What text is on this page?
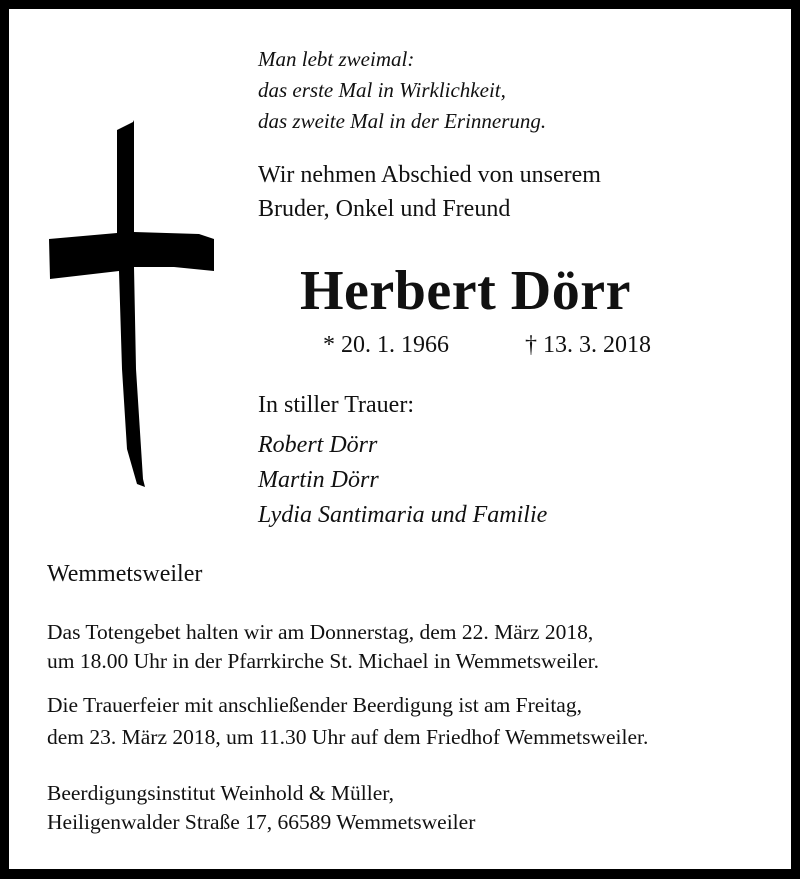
Man lebt zweimal:
das erste Mal in Wirklichkeit,
das zweite Mal in der Erinnerung.
Wir nehmen Abschied von unserem
Bruder, Onkel und Freund
Herbert Dörr
* 20. 1. 1966	† 13. 3. 2018
In stiller Trauer:
Robert Dörr
Martin Dörr
Lydia Santimaria und Familie
Wemmetsweiler
Das Totengebet halten wir am Donnerstag, dem 22. März 2018,
um 18.00 Uhr in der Pfarrkirche St. Michael in Wemmetsweiler.
Die Trauerfeier mit anschließender Beerdigung ist am Freitag,
dem 23. März 2018, um 11.30 Uhr auf dem Friedhof Wemmetsweiler.
Beerdigungsinstitut Weinhold & Müller,
Heiligenwalder Straße 17, 66589 Wemmetsweiler
